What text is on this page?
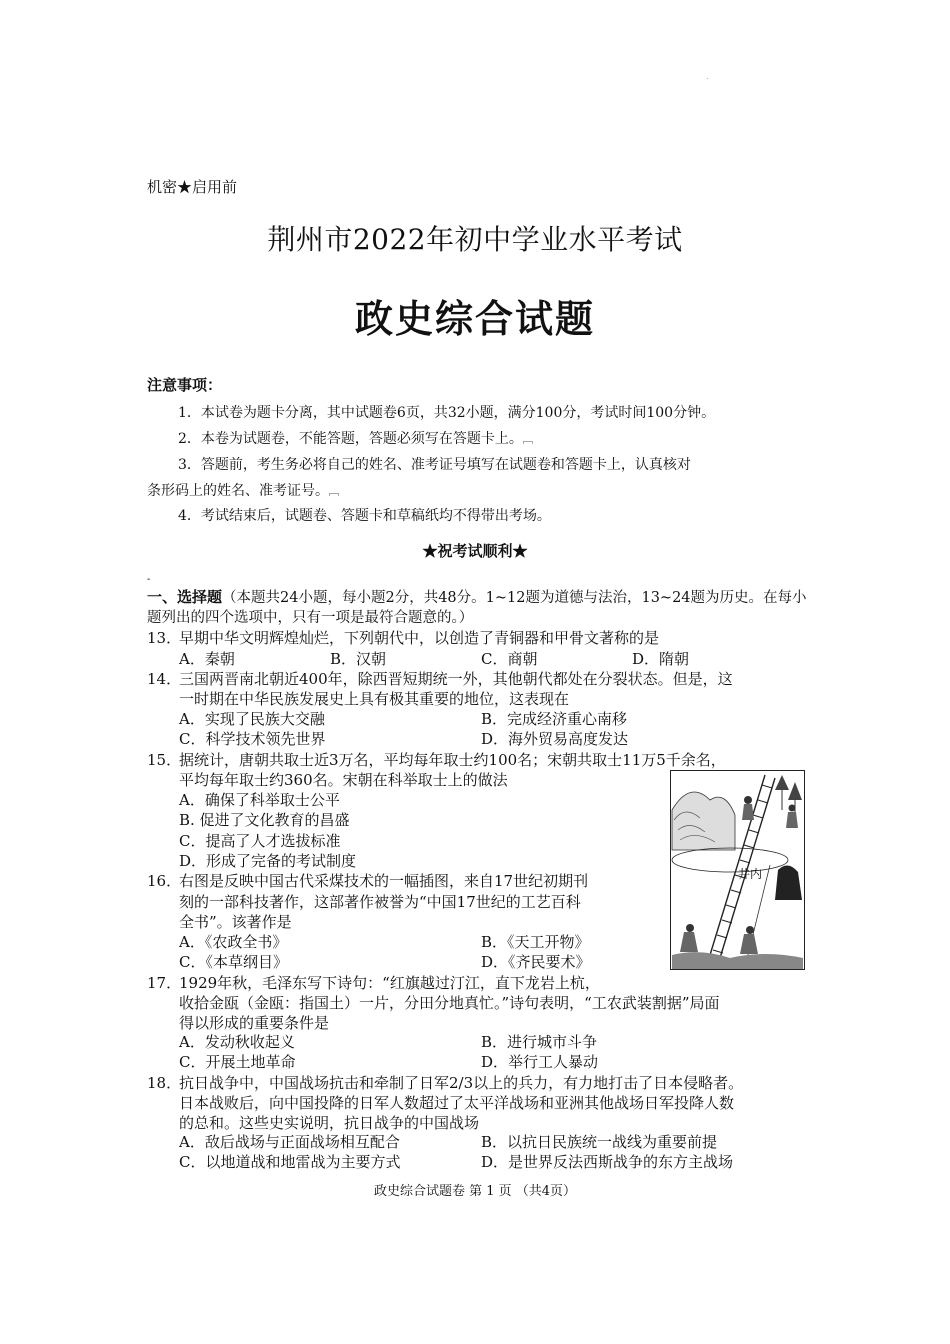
.
机密★启用前
荆州市2022年初中学业水平考试
政史综合试题
注意事项：
1．本试卷为题卡分离，其中试题卷6页，共32小题，满分100分，考试时间100分钟。
2．本卷为试题卷，不能答题，答题必须写在答题卡上。﹇
3．答题前，考生务必将自己的姓名、准考证号填写在试题卷和答题卡上，认真核对
条形码上的姓名、准考证号。﹇
4．考试结束后，试题卷、答题卡和草稿纸均不得带出考场。
★祝考试顺利★
-
一、选择题（本题共24小题，每小题2分，共48分。1~12题为道德与法治，13~24题为历史。在每小题列出的四个选项中，只有一项是最符合题意的。）
13．
早期中华文明辉煌灿烂，下列朝代中，以创造了青铜器和甲骨文著称的是
A．秦朝	B．汉朝	C．商朝	D．隋朝
14．
三国两晋南北朝近400年，除西晋短期统一外，其他朝代都处在分裂状态。但是，这
一时期在中华民族发展史上具有极其重要的地位，这表现在
A．实现了民族大交融	B．完成经济重心南移
C．科学技术领先世界	D．海外贸易高度发达
15．
据统计，唐朝共取士近3万名，平均每年取士约100名；宋朝共取士11万5千余名，
平均每年取士约360名。宋朝在科举取士上的做法
A．确保了科举取士公平
B. 促进了文化教育的昌盛
C．提高了人才选拔标准
D．形成了完备的考试制度
井内
16．
右图是反映中国古代采煤技术的一幅插图，来自17世纪初期刊
刻的一部科技著作，这部著作被誉为“中国17世纪的工艺百科
全书”。该著作是
A．《农政全书》	B．《天工开物》
C．《本草纲目》	D．《齐民要术》
17．
1929年秋，毛泽东写下诗句：“红旗越过汀江，直下龙岩上杭，
收拾金瓯（金瓯：指国土）一片，分田分地真忙。”诗句表明，“工农武装割据”局面
得以形成的重要条件是
A．发动秋收起义	B．进行城市斗争
C．开展土地革命	D．举行工人暴动
18．
抗日战争中，中国战场抗击和牵制了日军2/3以上的兵力，有力地打击了日本侵略者。
日本战败后，向中国投降的日军人数超过了太平洋战场和亚洲其他战场日军投降人数
的总和。这些史实说明，抗日战争的中国战场
A．敌后战场与正面战场相互配合	B．以抗日民族统一战线为重要前提
C．以地道战和地雷战为主要方式	D．是世界反法西斯战争的东方主战场
政史综合试题卷 第 1 页 （共4页）
